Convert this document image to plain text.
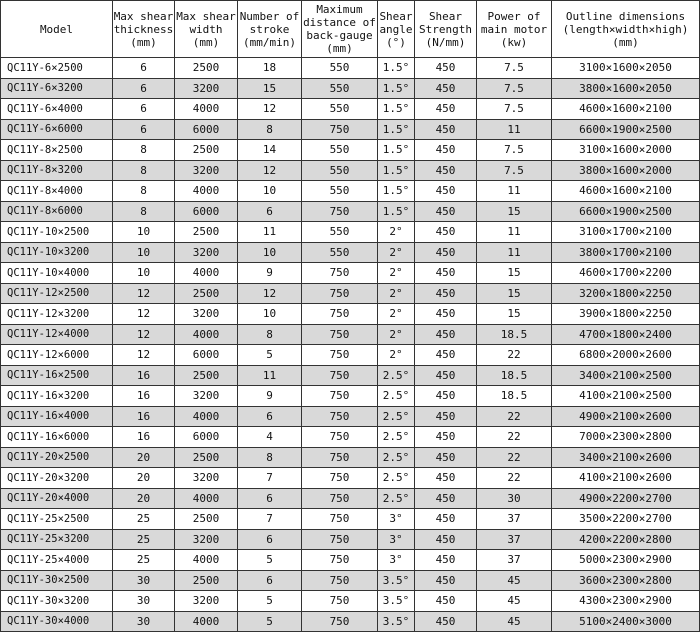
Model	Max shear
thickness
(mm)	Max shear
width
(mm)	Number of
stroke
(mm/min)	Maximum
distance of
back-gauge
(mm)	Shear
angle
(°)	Shear
Strength
(N/mm)	Power of
main motor
(kw)	Outline dimensions
(length×width×high)
(mm)

QC11Y-6×2500	6	2500	18	550	1.5°	450	7.5	3100×1600×2050
QC11Y-6×3200	6	3200	15	550	1.5°	450	7.5	3800×1600×2050
QC11Y-6×4000	6	4000	12	550	1.5°	450	7.5	4600×1600×2100
QC11Y-6×6000	6	6000	8	750	1.5°	450	11	6600×1900×2500
QC11Y-8×2500	8	2500	14	550	1.5°	450	7.5	3100×1600×2000
QC11Y-8×3200	8	3200	12	550	1.5°	450	7.5	3800×1600×2000
QC11Y-8×4000	8	4000	10	550	1.5°	450	11	4600×1600×2100
QC11Y-8×6000	8	6000	6	750	1.5°	450	15	6600×1900×2500
QC11Y-10×2500	10	2500	11	550	2°	450	11	3100×1700×2100
QC11Y-10×3200	10	3200	10	550	2°	450	11	3800×1700×2100
QC11Y-10×4000	10	4000	9	750	2°	450	15	4600×1700×2200
QC11Y-12×2500	12	2500	12	750	2°	450	15	3200×1800×2250
QC11Y-12×3200	12	3200	10	750	2°	450	15	3900×1800×2250
QC11Y-12×4000	12	4000	8	750	2°	450	18.5	4700×1800×2400
QC11Y-12×6000	12	6000	5	750	2°	450	22	6800×2000×2600
QC11Y-16×2500	16	2500	11	750	2.5°	450	18.5	3400×2100×2500
QC11Y-16×3200	16	3200	9	750	2.5°	450	18.5	4100×2100×2500
QC11Y-16×4000	16	4000	6	750	2.5°	450	22	4900×2100×2600
QC11Y-16×6000	16	6000	4	750	2.5°	450	22	7000×2300×2800
QC11Y-20×2500	20	2500	8	750	2.5°	450	22	3400×2100×2600
QC11Y-20×3200	20	3200	7	750	2.5°	450	22	4100×2100×2600
QC11Y-20×4000	20	4000	6	750	2.5°	450	30	4900×2200×2700
QC11Y-25×2500	25	2500	7	750	3°	450	37	3500×2200×2700
QC11Y-25×3200	25	3200	6	750	3°	450	37	4200×2200×2800
QC11Y-25×4000	25	4000	5	750	3°	450	37	5000×2300×2900
QC11Y-30×2500	30	2500	6	750	3.5°	450	45	3600×2300×2800
QC11Y-30×3200	30	3200	5	750	3.5°	450	45	4300×2300×2900
QC11Y-30×4000	30	4000	5	750	3.5°	450	45	5100×2400×3000
